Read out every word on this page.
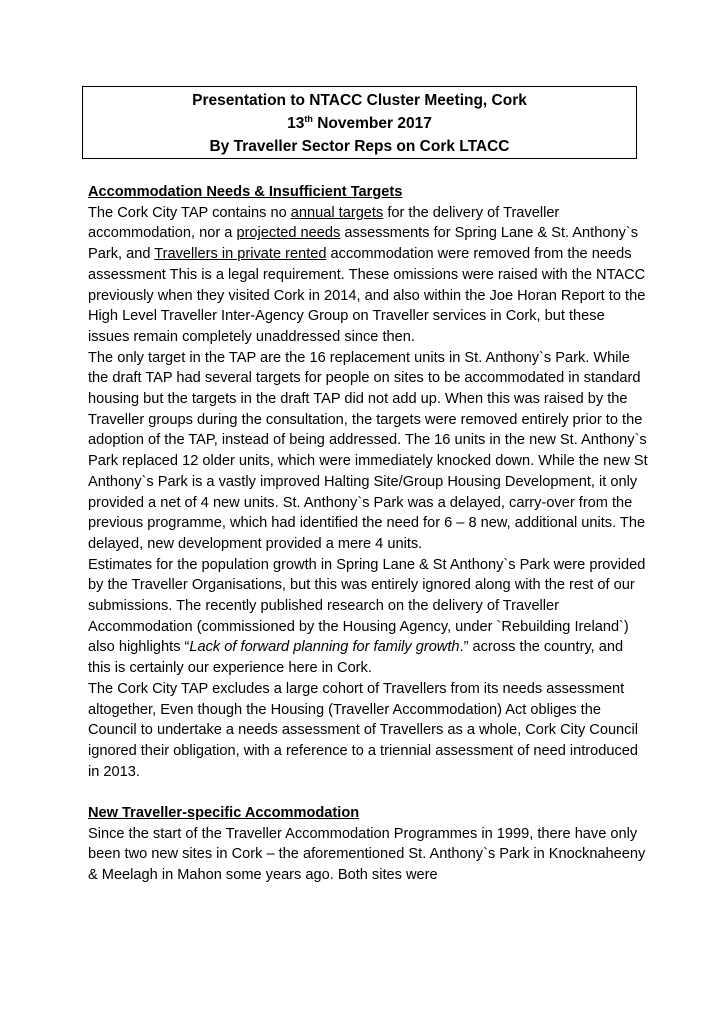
Presentation to NTACC Cluster Meeting, Cork
13th November 2017
By Traveller Sector Reps on Cork LTACC

Accommodation Needs & Insufficient Targets

The Cork City TAP contains no annual targets for the delivery of Traveller accommodation, nor a projected needs assessments for Spring Lane & St. Anthony`s Park, and Travellers in private rented accommodation were removed from the needs assessment This is a legal requirement. These omissions were raised with the NTACC previously when they visited Cork in 2014, and also within the Joe Horan Report to the High Level Traveller Inter-Agency Group on Traveller services in Cork, but these issues remain completely unaddressed since then.

The only target in the TAP are the 16 replacement units in St. Anthony`s Park. While the draft TAP had several targets for people on sites to be accommodated in standard housing but the targets in the draft TAP did not add up. When this was raised by the Traveller groups during the consultation, the targets were removed entirely prior to the adoption of the TAP, instead of being addressed. The 16 units in the new St. Anthony`s Park replaced 12 older units, which were immediately knocked down. While the new St Anthony`s Park is a vastly improved Halting Site/Group Housing Development, it only provided a net of 4 new units. St. Anthony`s Park was a delayed, carry-over from the previous programme, which had identified the need for 6 – 8 new, additional units. The delayed, new development provided a mere 4 units.

Estimates for the population growth in Spring Lane & St Anthony`s Park were provided by the Traveller Organisations, but this was entirely ignored along with the rest of our submissions. The recently published research on the delivery of Traveller Accommodation (commissioned by the Housing Agency, under `Rebuilding Ireland`) also highlights “Lack of forward planning for family growth.” across the country, and this is certainly our experience here in Cork.

The Cork City TAP excludes a large cohort of Travellers from its needs assessment altogether, Even though the Housing (Traveller Accommodation) Act obliges the Council to undertake a needs assessment of Travellers as a whole, Cork City Council ignored their obligation, with a reference to a triennial assessment of need introduced in 2013.

New Traveller-specific Accommodation

Since the start of the Traveller Accommodation Programmes in 1999, there have only been two new sites in Cork – the aforementioned St. Anthony`s Park in Knocknaheeny & Meelagh in Mahon some years ago. Both sites were
